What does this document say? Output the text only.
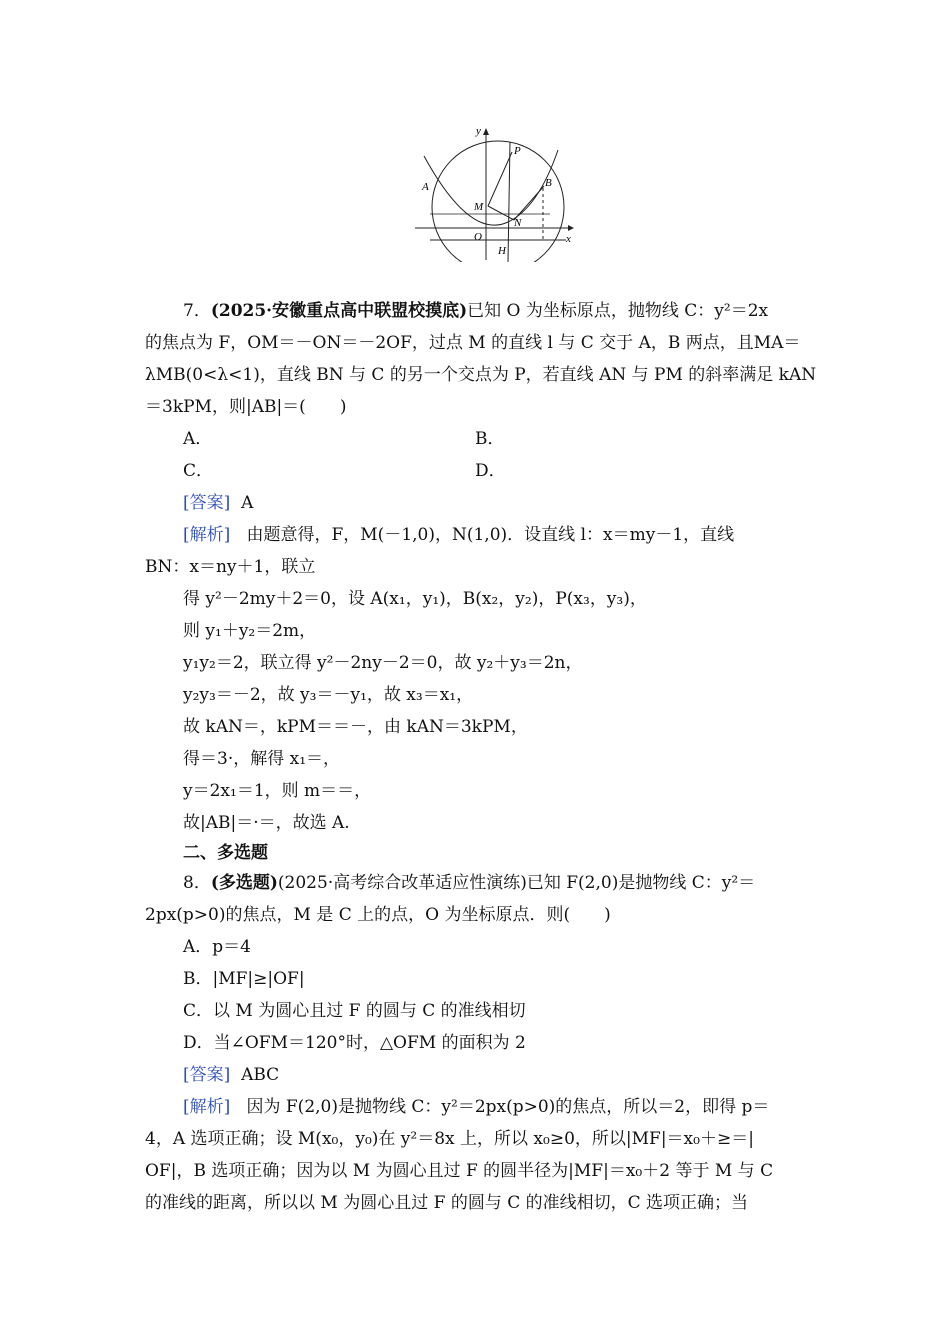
y
x
P
A	B
M
N
O
H
7．(2025·安徽重点高中联盟校摸底)已知 O 为坐标原点，抛物线 C：y²＝2x
的焦点为 F，OM＝－ON＝－2OF，过点 M 的直线 l 与 C 交于 A，B 两点，且MA＝
λMB(0<λ<1)，直线 BN 与 C 的另一个交点为 P，若直线 AN 与 PM 的斜率满足 kAN
＝3kPM，则|AB|＝(　　)
A．	B．
C．	D．
[答案] A
[解析] 由题意得，F，M(－1,0)，N(1,0)．设直线 l：x＝my－1，直线
BN：x＝ny＋1，联立
得 y²－2my＋2＝0，设 A(x₁，y₁)，B(x₂，y₂)，P(x₃，y₃)，
则 y₁＋y₂＝2m，
y₁y₂＝2，联立得 y²－2ny－2＝0，故 y₂＋y₃＝2n，
y₂y₃＝－2，故 y₃＝－y₁，故 x₃＝x₁，
故 kAN＝，kPM＝＝－，由 kAN＝3kPM，
得＝3·，解得 x₁＝，
y＝2x₁＝1，则 m＝＝，
故|AB|＝·＝，故选 A.
二、多选题
8．(多选题)(2025·高考综合改革适应性演练)已知 F(2,0)是抛物线 C：y²＝
2px(p>0)的焦点，M 是 C 上的点，O 为坐标原点．则(　　)
A．p＝4
B．|MF|≥|OF|
C．以 M 为圆心且过 F 的圆与 C 的准线相切
D．当∠OFM＝120°时，△OFM 的面积为 2
[答案] ABC
[解析] 因为 F(2,0)是抛物线 C：y²＝2px(p>0)的焦点，所以＝2，即得 p＝
4，A 选项正确；设 M(x₀，y₀)在 y²＝8x 上，所以 x₀≥0，所以|MF|＝x₀＋≥＝|
OF|，B 选项正确；因为以 M 为圆心且过 F 的圆半径为|MF|＝x₀＋2 等于 M 与 C
的准线的距离，所以以 M 为圆心且过 F 的圆与 C 的准线相切，C 选项正确；当
